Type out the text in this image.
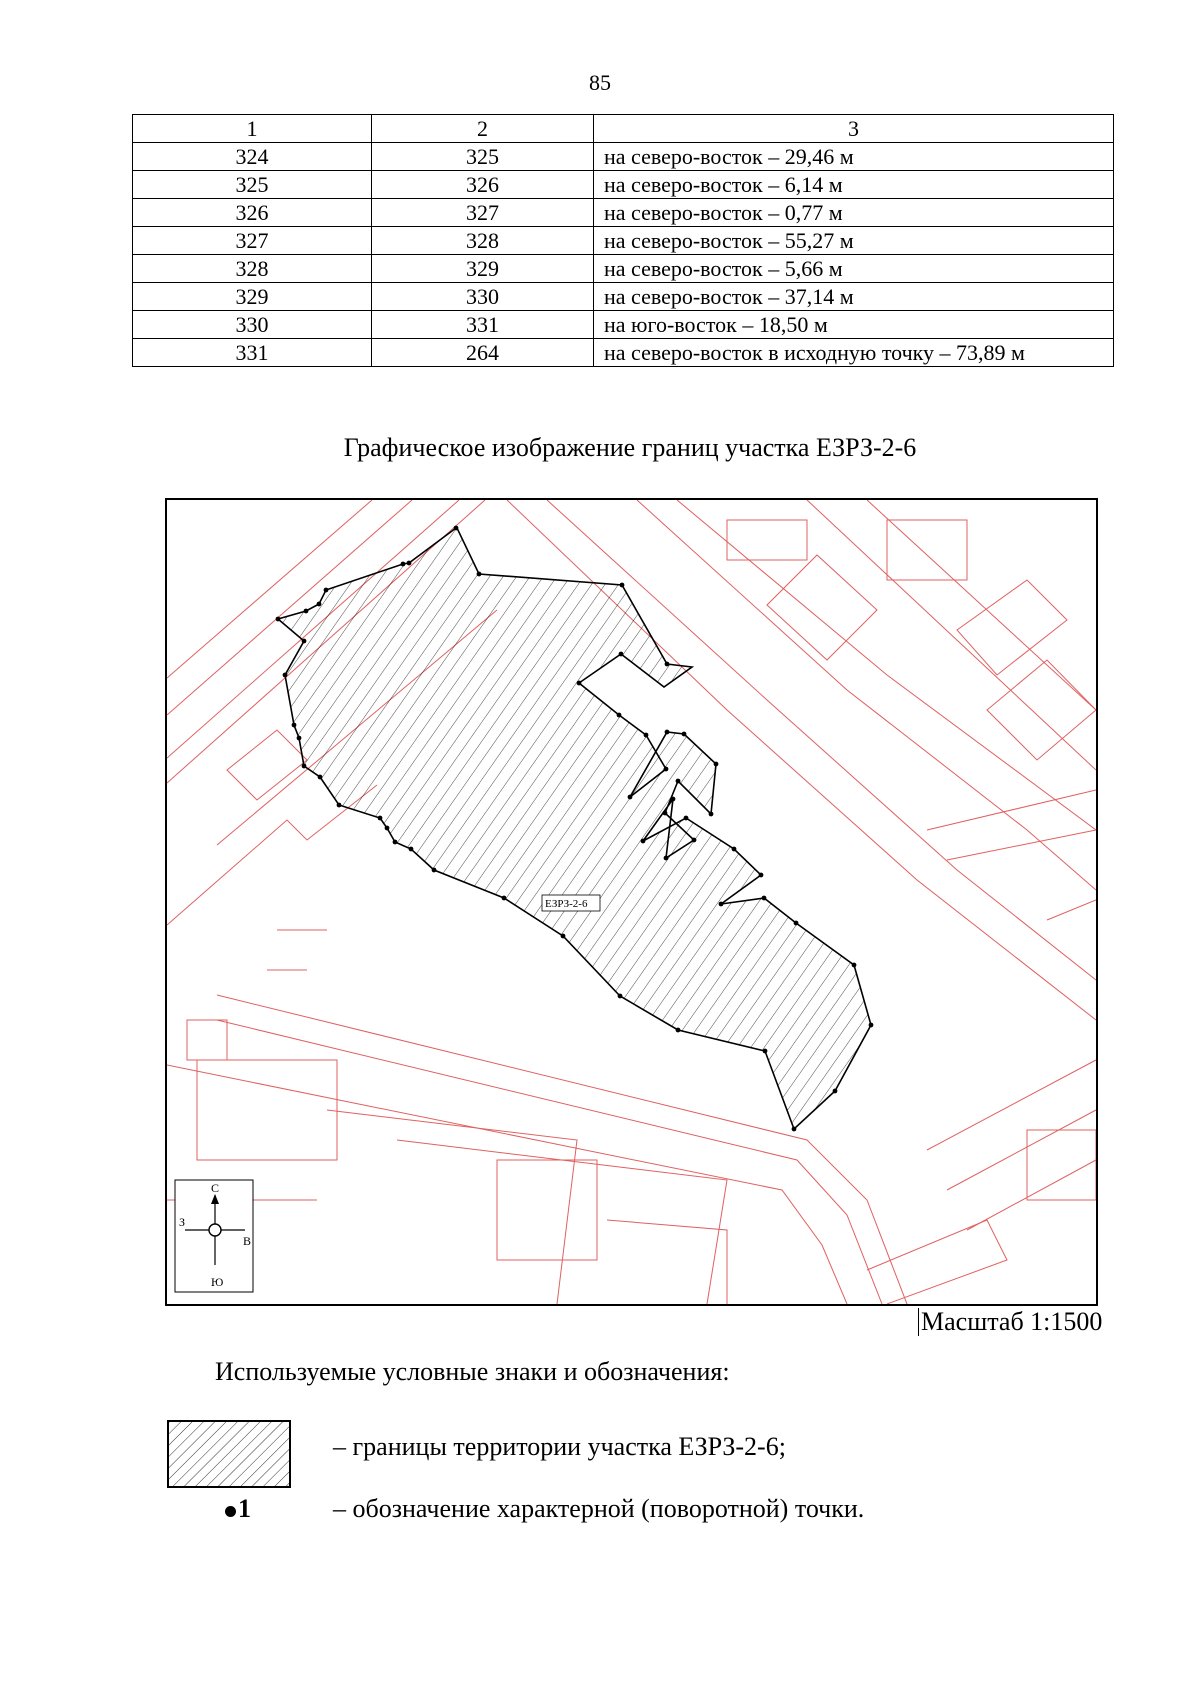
85
1	2	3
324	325	на северо-восток – 29,46 м
325	326	на северо-восток – 6,14 м
326	327	на северо-восток – 0,77 м
327	328	на северо-восток – 55,27 м
328	329	на северо-восток – 5,66 м
329	330	на северо-восток – 37,14 м
330	331	на юго-восток – 18,50 м
331	264	на северо-восток в исходную точку – 73,89 м
Графическое изображение границ участка ЕЗРЗ-2-6
С
Ю
В
З
ЕЗРЗ-2-6
Масштаб 1:1500
Используемые условные знаки и обозначения:
– границы территории участка ЕЗРЗ-2-6;
1	– обозначение характерной (поворотной) точки.
